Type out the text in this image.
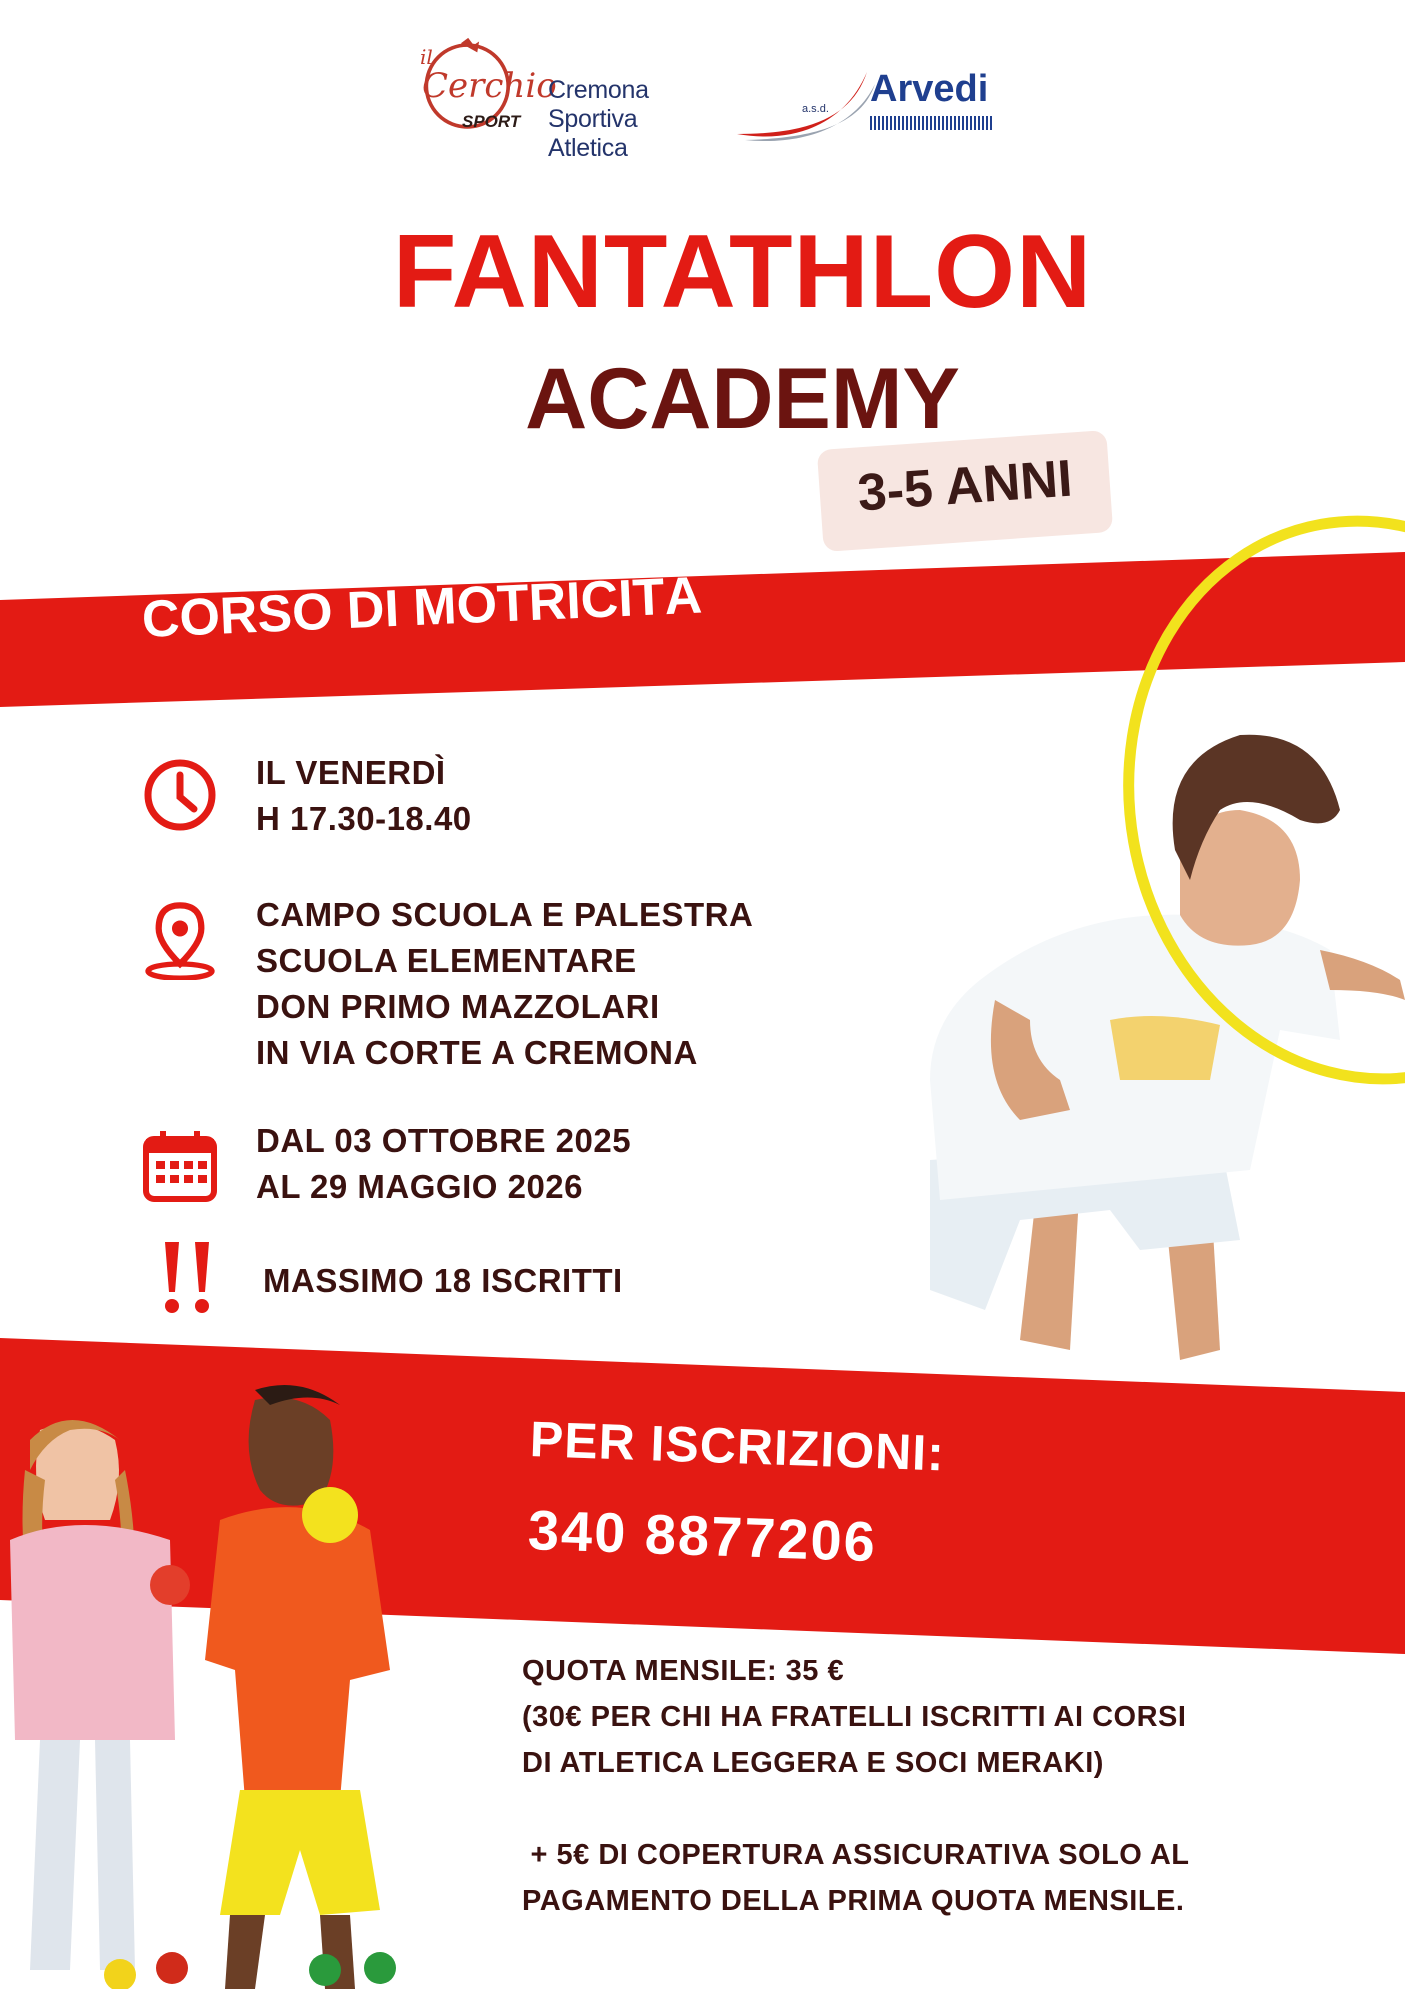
il
Cerchio
SPORT
Cremona Sportiva Atletica
a.s.d. Arvedi
FANTATHLON
ACADEMY
3-5 ANNI
CORSO DI MOTRICITÀ
IL VENERDÌ
H 17.30-18.40
CAMPO SCUOLA E PALESTRA
SCUOLA ELEMENTARE
DON PRIMO MAZZOLARI
IN VIA CORTE A CREMONA
DAL 03 OTTOBRE 2025
AL 29 MAGGIO 2026
MASSIMO 18 ISCRITTI
PER ISCRIZIONI:
340 8877206
QUOTA MENSILE: 35 €
(30€ PER CHI HA FRATELLI ISCRITTI AI CORSI
DI ATLETICA LEGGERA E SOCI MERAKI)
+ 5€ DI COPERTURA ASSICURATIVA SOLO AL
PAGAMENTO DELLA PRIMA QUOTA MENSILE.
